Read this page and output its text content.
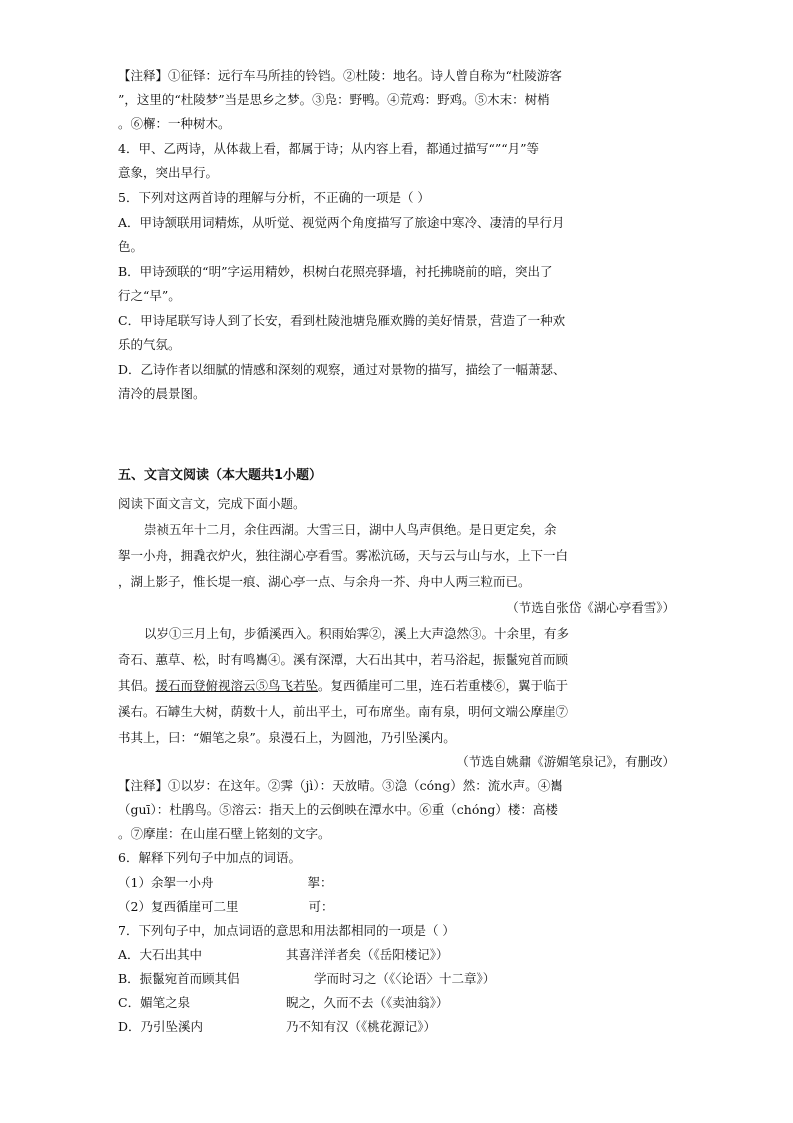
【注释】①征铎：远行车马所挂的铃铛。②杜陵：地名。诗人曾自称为“杜陵游客
”，这里的“杜陵梦”当是思乡之梦。③凫：野鸭。④荒鸡：野鸡。⑤木末：树梢
。⑥檞：一种树木。
4．甲、乙两诗，从体裁上看，都属于诗；从内容上看，都通过描写“”“月”等
意象，突出早行。
5．下列对这两首诗的理解与分析，不正确的一项是（ ）
A．甲诗颔联用词精炼，从听觉、视觉两个角度描写了旅途中寒冷、凄清的早行月
色。
B．甲诗颈联的“明”字运用精妙，枳树白花照亮驿墙，衬托拂晓前的暗，突出了
行之“早”。
C．甲诗尾联写诗人到了长安，看到杜陵池塘凫雁欢腾的美好情景，营造了一种欢
乐的气氛。
D．乙诗作者以细腻的情感和深刻的观察，通过对景物的描写，描绘了一幅萧瑟、
清冷的晨景图。
五、文言文阅读（本大题共1小题）
阅读下面文言文，完成下面小题。
崇祯五年十二月，余住西湖。大雪三日，湖中人鸟声俱绝。是日更定矣，余
挐一小舟，拥毳衣炉火，独往湖心亭看雪。雾凇沆砀，天与云与山与水，上下一白
，湖上影子，惟长堤一痕、湖心亭一点、与余舟一芥、舟中人两三粒而已。
（节选自张岱《湖心亭看雪》）
以岁①三月上旬，步循溪西入。积雨始霁②，溪上大声㴔然③。十余里，有多
奇石、蕙草、松，时有鸣巂④。溪有深潭，大石出其中，若马浴起，振鬣宛首而顾
其侣。援石而登俯视溶云⑤鸟飞若坠。复西循崖可二里，连石若重楼⑥，翼于临于
溪右。石罅生大树，荫数十人，前出平土，可布席坐。南有泉，明何文端公摩崖⑦
书其上，曰：“媚笔之泉”。泉漫石上，为圆池，乃引坠溪内。
（节选自姚鼐《游媚笔泉记》，有删改）
【注释】①以岁：在这年。②霁（jì）：天放晴。③㴔（cóng）然：流水声。④巂
（guī）：杜鹃鸟。⑤溶云：指天上的云倒映在潭水中。⑥重（chóng）楼：高楼
。⑦摩崖：在山崖石壁上铭刻的文字。
6．解释下列句子中加点的词语。
（1）余挐一小舟	挐：
（2）复西循崖可二里	可：
7．下列句子中，加点词语的意思和用法都相同的一项是（ ）
A．大石出其中	其喜洋洋者矣（《岳阳楼记》）
B．振鬣宛首而顾其侣	学而时习之（《〈论语〉十二章》）
C．媚笔之泉	睨之，久而不去（《卖油翁》）
D．乃引坠溪内	乃不知有汉（《桃花源记》）
